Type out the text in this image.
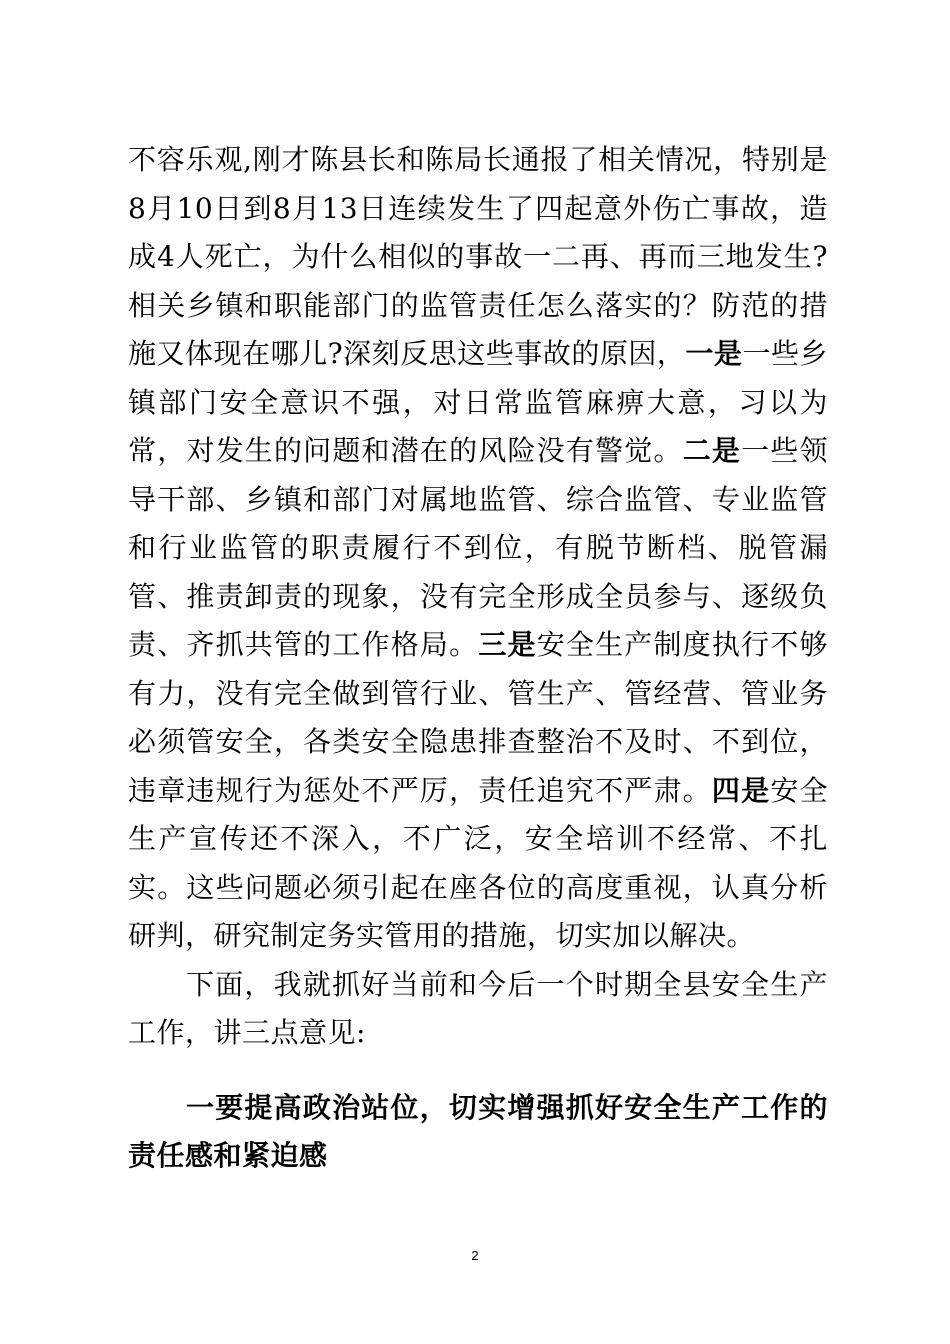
不容乐观,刚才陈县长和陈局长通报了相关情况，特别是8月10日到8月13日连续发生了四起意外伤亡事故，造成4人死亡，为什么相似的事故一二再、再而三地发生?相关乡镇和职能部门的监管责任怎么落实的？防范的措施又体现在哪儿?深刻反思这些事故的原因，一是一些乡镇部门安全意识不强，对日常监管麻痹大意，习以为常，对发生的问题和潜在的风险没有警觉。二是一些领导干部、乡镇和部门对属地监管、综合监管、专业监管和行业监管的职责履行不到位，有脱节断档、脱管漏管、推责卸责的现象，没有完全形成全员参与、逐级负责、齐抓共管的工作格局。三是安全生产制度执行不够有力，没有完全做到管行业、管生产、管经营、管业务必须管安全，各类安全隐患排查整治不及时、不到位，违章违规行为惩处不严厉，责任追究不严肃。四是安全生产宣传还不深入，不广泛，安全培训不经常、不扎实。这些问题必须引起在座各位的高度重视，认真分析研判，研究制定务实管用的措施，切实加以解决。

下面，我就抓好当前和今后一个时期全县安全生产工作，讲三点意见:

一要提高政治站位，切实增强抓好安全生产工作的责任感和紧迫感
2
